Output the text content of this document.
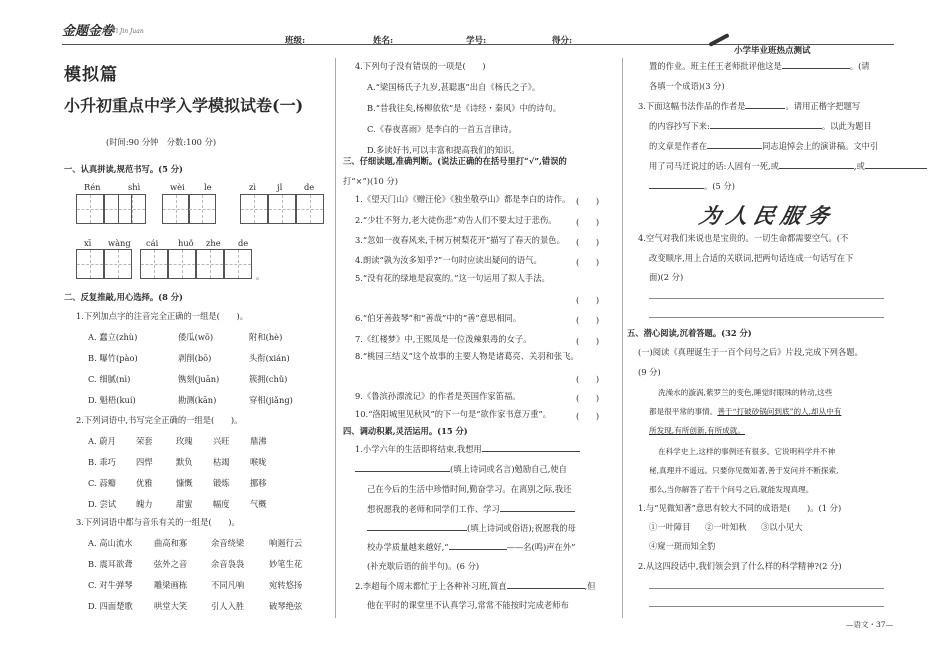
金题金卷
Jin Ti Jin Juan
班级:	姓名:	学号:	得分:
小学毕业班热点测试
模拟篇
小升初重点中学入学模拟试卷(一)
(时间:90 分钟　分数:100 分)
一、认真拼读,规范书写。(5 分)
Rén	shì	wèi le	zì	jǐ	de
xī wàng cái huǒ zhe de
。
二、反复推敲,用心选择。(8 分)
1.下列加点字的注音完全正确的一组是(　　)。
A. 蠢立(zhù)	倭瓜(wō)	附和(hè)
B. 曝竹(pào)	剥削(bō)	头衔(xián)
C. 细腻(nì)	镌刻(juān)	簇拥(chǔ)
D. 魁梧(kuí)	勘测(kān)	穿相(jiǎng)
2.下列词语中,书写完全正确的一组是(　　)。
A. 蔚月 荣套	玫瑰 兴旺 鼎沸
B. 乖巧 四悍	默负 枯竭 喉咙
C. 蒜瓣 优雅	慷慨 锻炼 挪移
D. 尝试 魄力	甜蜜 幅度 气概
3.下列词语中都与音乐有关的一组是(　　)。
A. 高山流水	曲高和寡	余音绕梁	响遏行云
B. 震耳欲聋	弦外之音	余音袅袅	妙笔生花
C. 对牛弹琴	雕梁画栋	不同凡响	宛转悠扬
D. 四面楚歌	哄堂大笑	引人入胜	破琴绝弦
4.下列句子没有错误的一项是(　　)
A.“梁国杨氏子九岁,甚聪惠”出自《杨氏之子》。
B.“昔我往矣,杨柳依依”是《诗经・秦风》中的诗句。
C.《春夜喜雨》是李白的一首五言律诗。
D.多读好书,可以丰富和提高我们的知识。
三、仔细读题,准确判断。(说法正确的在括号里打“√”,错误的
打“×”)(10 分)
1.《望天门山》《赠汪伦》《独坐敬亭山》都是李白的诗作。 (　　)
2.“少壮不努力,老大徒伤悲”劝告人们不要太过于悲伤。 (　　)
3.“忽如一夜春风来,千树万树梨花开”描写了春天的景色。 (　　)
4.朗读“孰为汝多知乎?”一句时应读出疑问的语气。	(　　)
5.“没有花的绿地是寂寞的。”这一句运用了拟人手法。
(　　)
6.“伯牙善鼓琴”和“善哉”中的“善”意思相同。	(　　)
7.《红楼梦》中,王熙凤是一位泼辣狠毒的女子。	(　　)
8.“桃园三结义”这个故事的主要人物是诸葛亮、关羽和张飞。
(　　)
9.《鲁滨孙漂流记》的作者是英国作家笛福。	(　　)
10.“洛阳城里见秋风”的下一句是“欲作家书意万重”。	(　　)
四、调动积累,灵活运用。(15 分)
1.小学六年的生活即将结束,我想用
(填上诗词或名言)勉励自己,使自
己在今后的生活中珍惜时间,勤奋学习。在离别之际,我还
想祝愿我的老师和同学们工作、学习
(填上诗词或俗语);祝愿我的母
校办学质量越来越好,“	——名(鸣)声在外”
(补充歇后语的前半句)。(6 分)
2.李超每个周末都忙于上各种补习班,简直	,但
他在平时的课堂里不认真学习,常常不能按时完成老师布
置的作业。班主任王老师批评他这是	。(请
各填一个成语)(3 分)
3.下面这幅书法作品的作者是	。请用正楷字把题写
的内容抄写下来:	。以此为题目
的文章是作者在	同志追悼会上的演讲稿。文中引
用了司马迁说过的话:人固有一死,或	,或
。(5 分)
为人民服务
4.空气对我们来说也是宝贵的。一切生命都需要空气。(不
改变顺序,用上合适的关联词,把两句话连成一句话写在下
面)(2 分)
五、潜心阅读,沉着答题。(32 分)
(一)阅读《真理诞生于一百个问号之后》片段,完成下列各题。
(9 分)
洗澡水的漩涡,紫罗兰的变色,睡觉时眼珠的转动,这些
都是很平常的事情。善于“打破砂锅问到底”的人,却从中有
所发现,有所创新,有所成就。
在科学史上,这样的事例还有很多。它说明科学并不神
秘,真理并不遥远。只要你见微知著,善于发问并不断探索,
那么,当你解答了若干个问号之后,就能发现真理。
1.与“见微知著”意思有较大不同的成语是(　　)。(1 分)
①一叶障目 ②一叶知秋 ③以小见大
④窥一斑而知全豹
2.从这四段话中,我们领会到了什么样的科学精神?(2 分)
—语文・37—
